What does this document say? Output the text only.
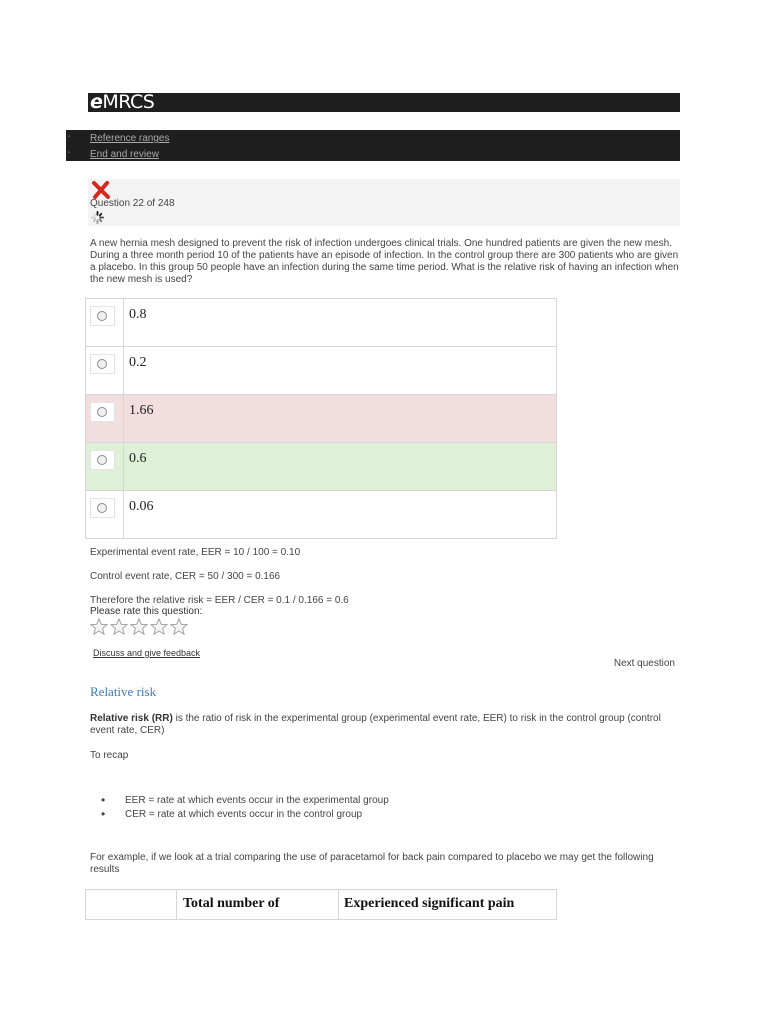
eMRCS
▪ Reference ranges
▪ End and review
Question 22 of 248
A new hernia mesh designed to prevent the risk of infection undergoes clinical trials. One hundred patients are given the new mesh. During a three month period 10 of the patients have an episode of infection. In the control group there are 300 patients who are given a placebo. In this group 50 people have an infection during the same time period. What is the relative risk of having an infection when the new mesh is used?
0.8
0.2
1.66
0.6
0.06
Experimental event rate, EER = 10 / 100 = 0.10
Control event rate, CER = 50 / 300 = 0.166
Therefore the relative risk = EER / CER = 0.1 / 0.166 = 0.6
Please rate this question:
Discuss and give feedback
Next question
Relative risk
Relative risk (RR) is the ratio of risk in the experimental group (experimental event rate, EER) to risk in the control group (control event rate, CER)
To recap
• EER = rate at which events occur in the experimental group
• CER = rate at which events occur in the control group
For example, if we look at a trial comparing the use of paracetamol for back pain compared to placebo we may get the following results
Total number of	Experienced significant pain
